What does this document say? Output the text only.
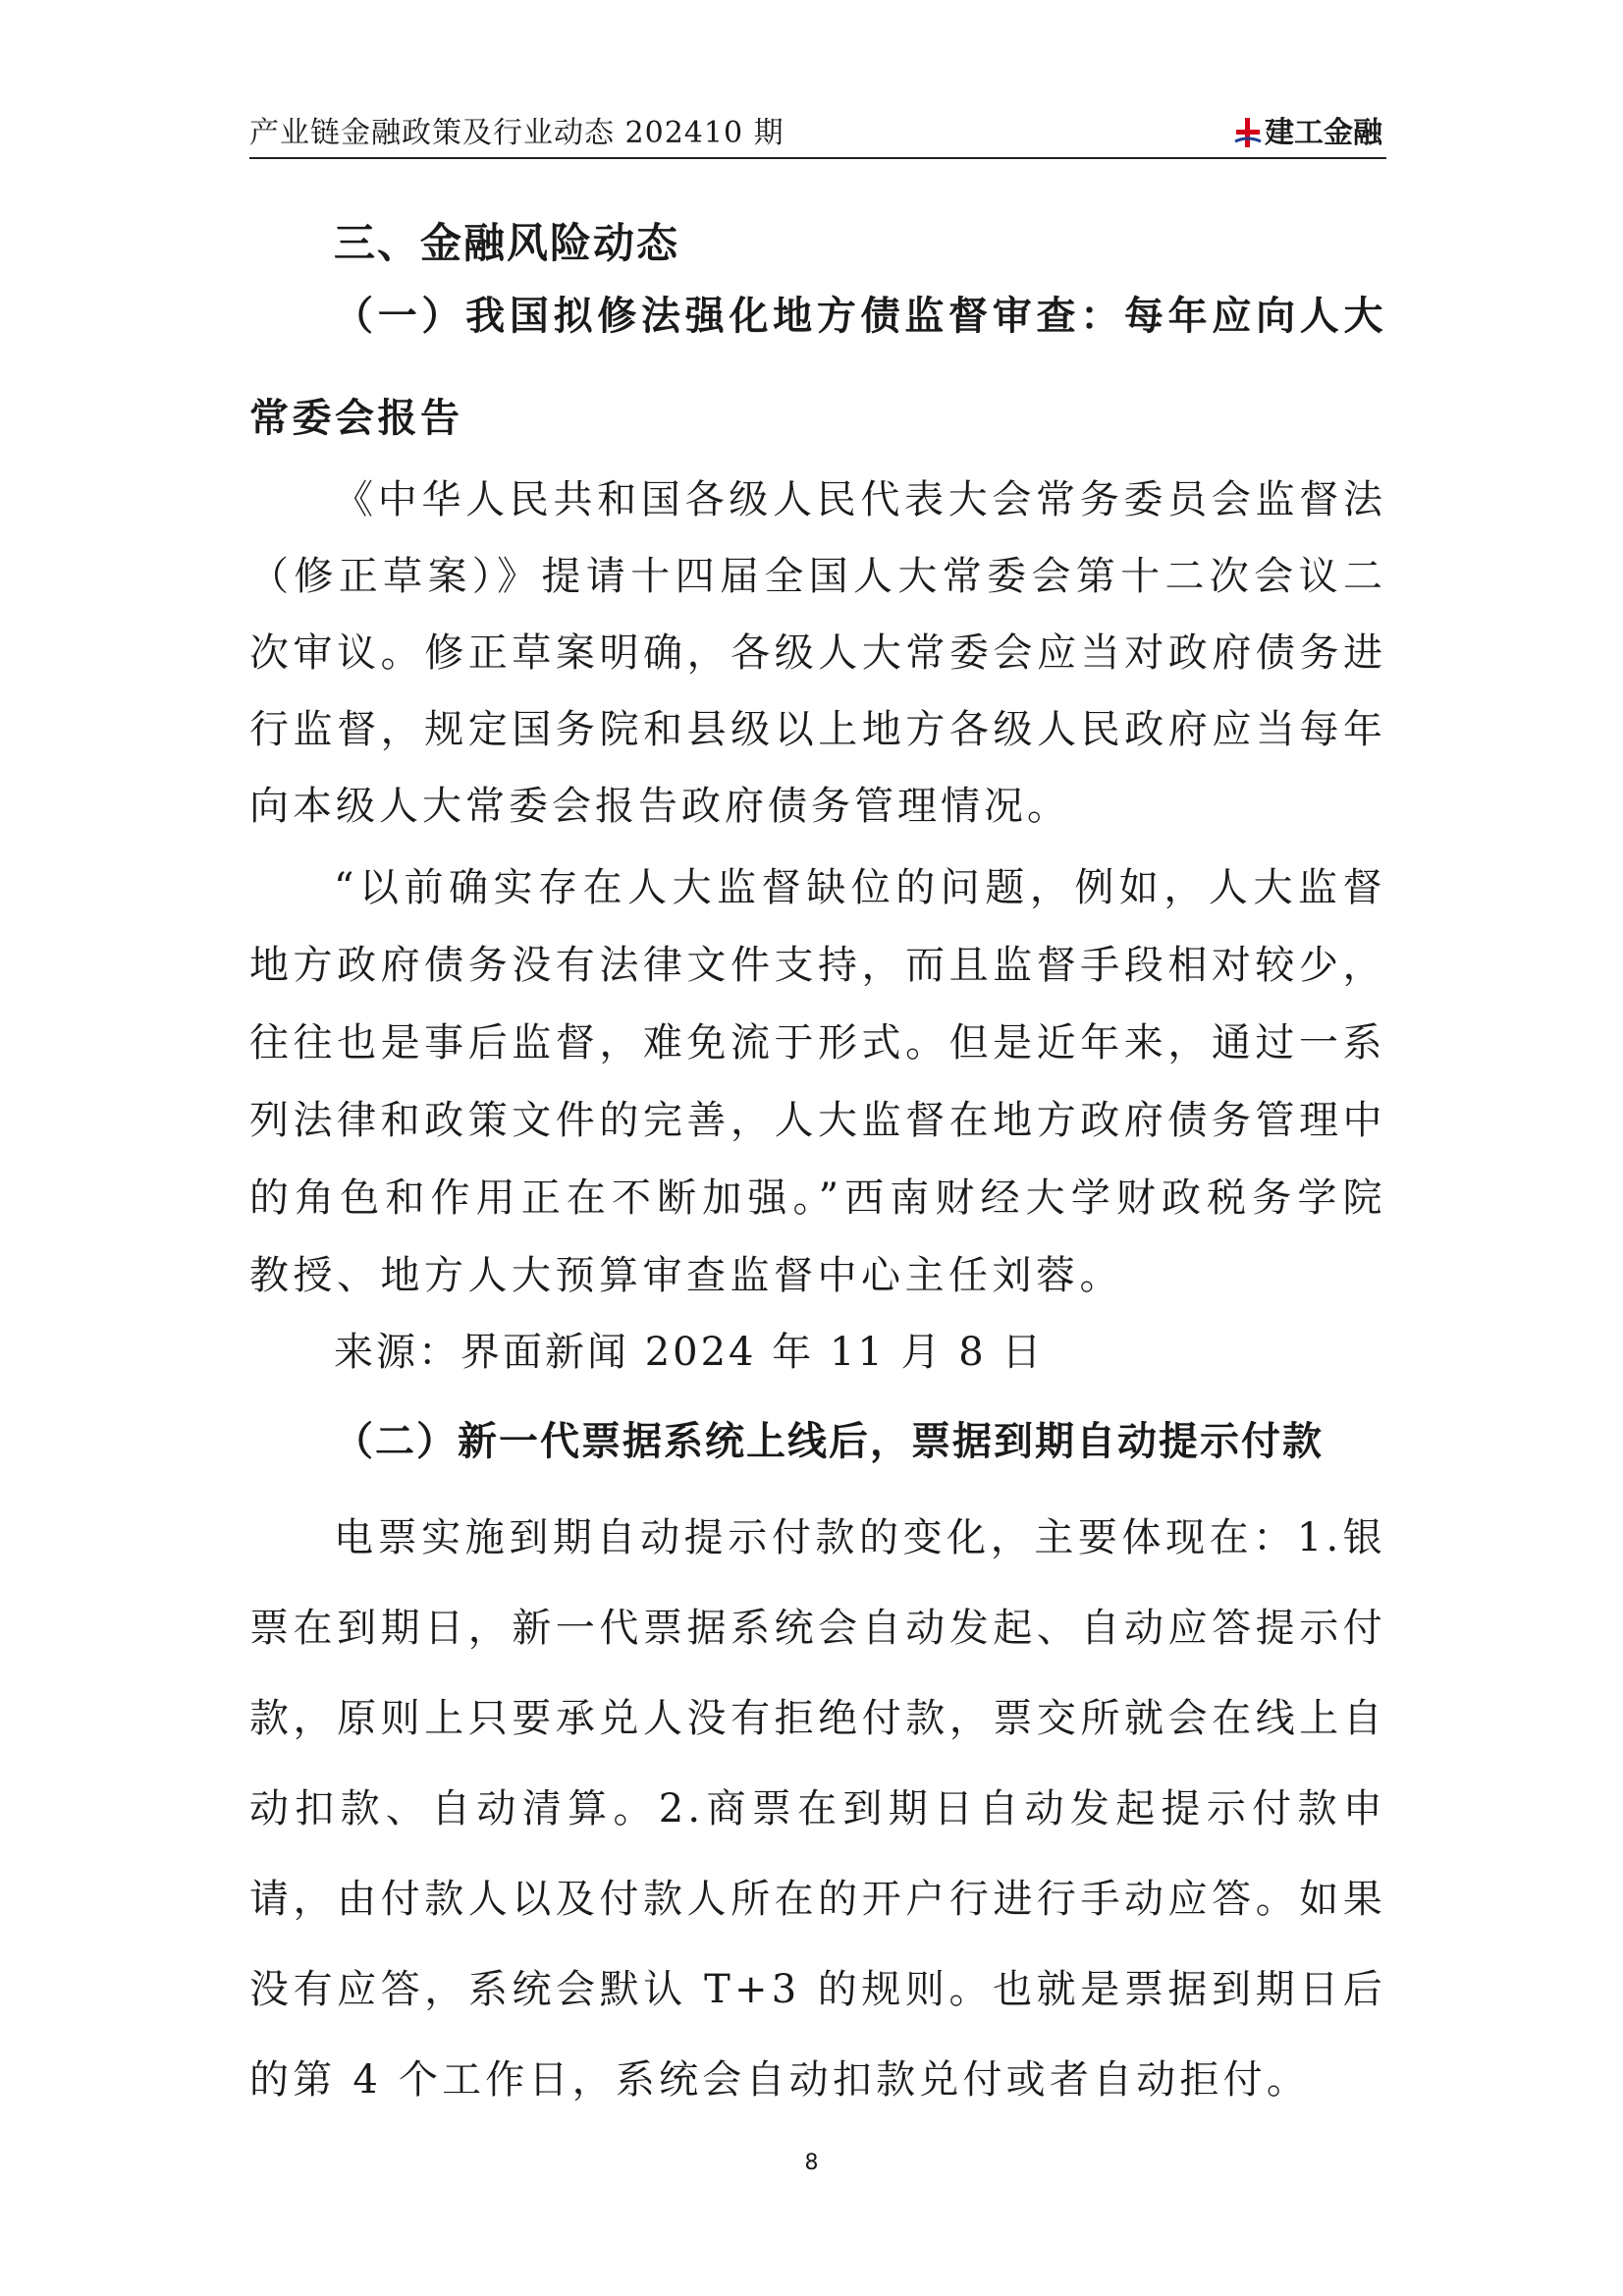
产业链金融政策及行业动态 202410 期	建工金融
三、金融风险动态
（一）我国拟修法强化地方债监督审查：每年应向人大常委会报告
《中华人民共和国各级人民代表大会常务委员会监督法（修正草案）》提请十四届全国人大常委会第十二次会议二次审议。修正草案明确，各级人大常委会应当对政府债务进行监督，规定国务院和县级以上地方各级人民政府应当每年向本级人大常委会报告政府债务管理情况。
“以前确实存在人大监督缺位的问题，例如，人大监督地方政府债务没有法律文件支持，而且监督手段相对较少，往往也是事后监督，难免流于形式。但是近年来，通过一系列法律和政策文件的完善，人大监督在地方政府债务管理中的角色和作用正在不断加强。”西南财经大学财政税务学院教授、地方人大预算审查监督中心主任刘蓉。
来源：界面新闻 2024 年 11 月 8 日
（二）新一代票据系统上线后，票据到期自动提示付款
电票实施到期自动提示付款的变化，主要体现在：1.银票在到期日，新一代票据系统会自动发起、自动应答提示付款，原则上只要承兑人没有拒绝付款，票交所就会在线上自动扣款、自动清算。2.商票在到期日自动发起提示付款申请，由付款人以及付款人所在的开户行进行手动应答。如果没有应答，系统会默认 T+3 的规则。也就是票据到期日后的第 4 个工作日，系统会自动扣款兑付或者自动拒付。
8
